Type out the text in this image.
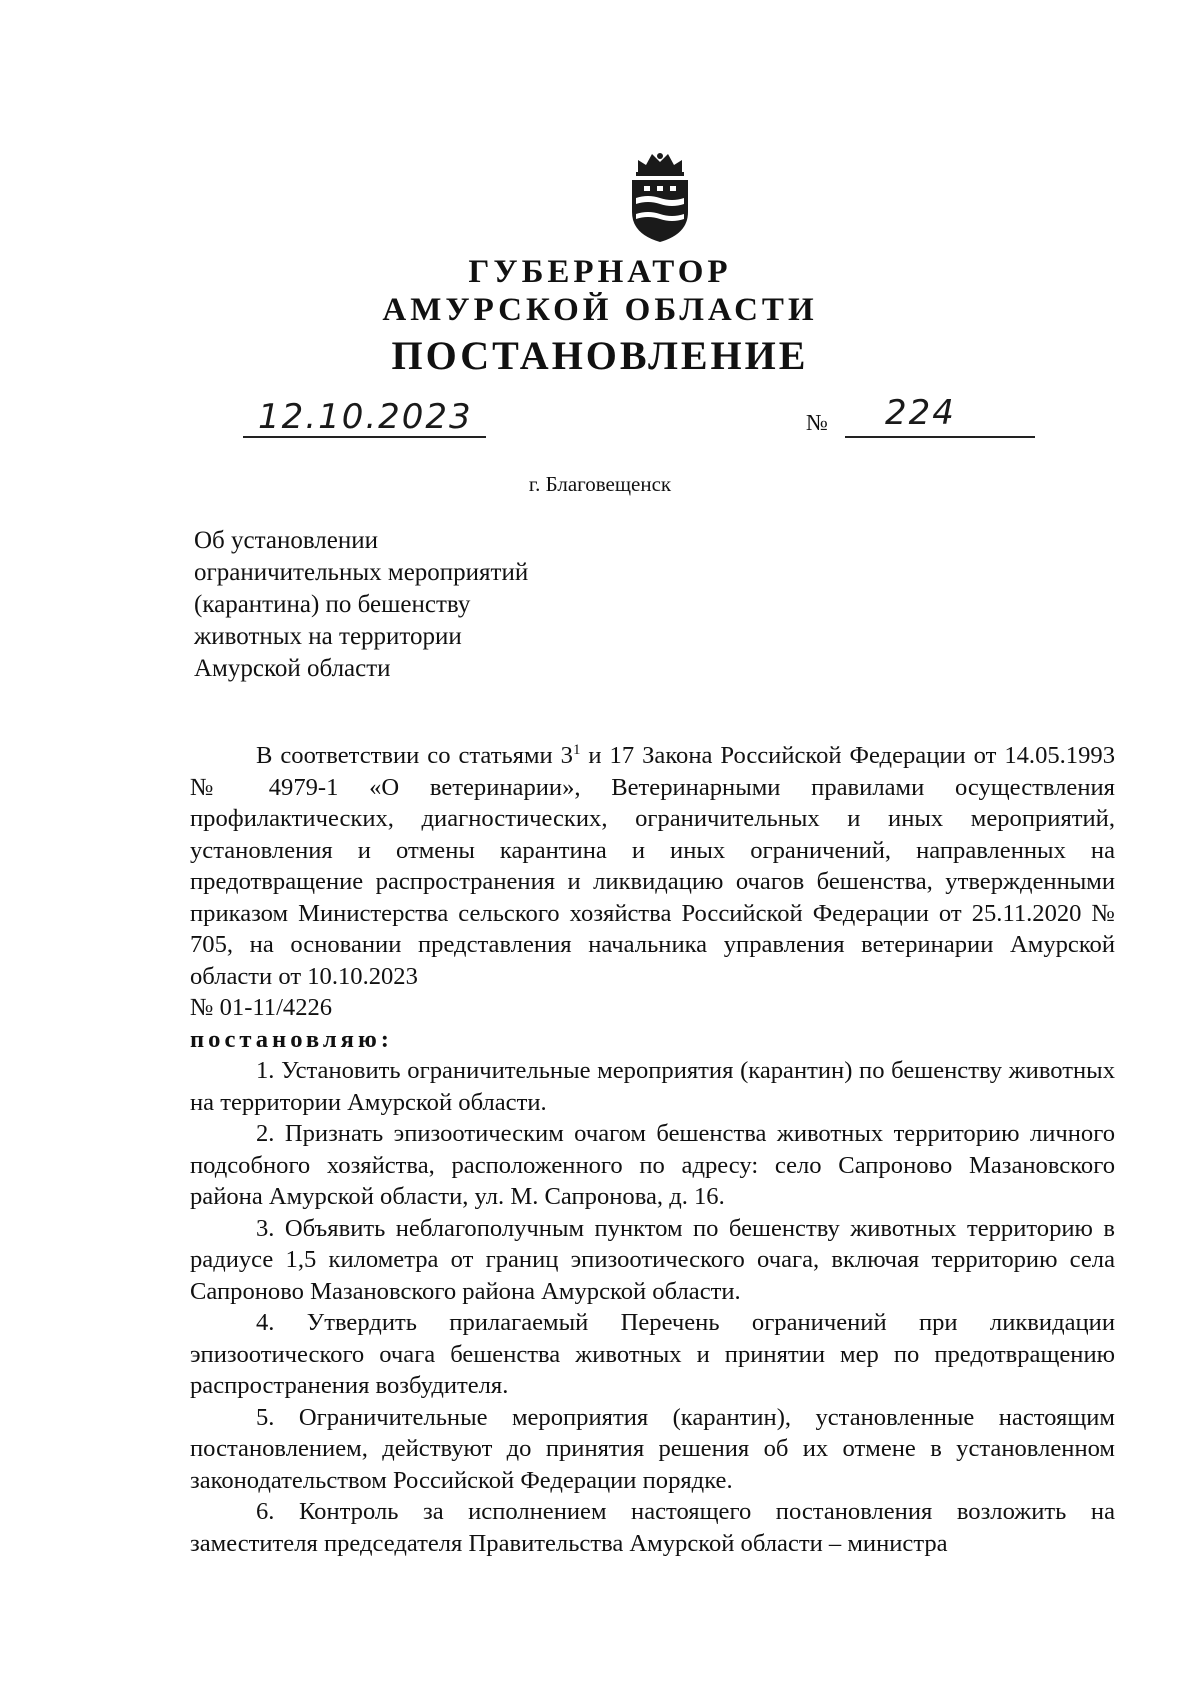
ГУБЕРНАТОР
АМУРСКОЙ ОБЛАСТИ
ПОСТАНОВЛЕНИЕ
12.10.2023	№ 224
г. Благовещенск
Об установлении
ограничительных мероприятий
(карантина) по бешенству
животных на территории
Амурской области

В соответствии со статьями $3^1$ и 17 Закона Российской Федерации от 14.05.1993 № 4979-1 «О ветеринарии», Ветеринарными правилами осуществления профилактических, диагностических, ограничительных и иных мероприятий, установления и отмены карантина и иных ограничений, направленных на предотвращение распространения и ликвидацию очагов бешенства, утвержденными приказом Министерства сельского хозяйства Российской Федерации от 25.11.2020 № 705, на основании представления начальника управления ветеринарии Амурской области от 10.10.2023

№ 01-11/4226

постановляю:

1. Установить ограничительные мероприятия (карантин) по бешенству животных на территории Амурской области.

2. Признать эпизоотическим очагом бешенства животных территорию личного подсобного хозяйства, расположенного по адресу: село Сапроново Мазановского района Амурской области, ул. М. Сапронова, д. 16.

3. Объявить неблагополучным пунктом по бешенству животных территорию в радиусе 1,5 километра от границ эпизоотического очага, включая территорию села Сапроново Мазановского района Амурской области.

4. Утвердить прилагаемый Перечень ограничений при ликвидации эпизоотического очага бешенства животных и принятии мер по предотвращению распространения возбудителя.

5. Ограничительные мероприятия (карантин), установленные настоящим постановлением, действуют до принятия решения об их отмене в установленном законодательством Российской Федерации порядке.

6. Контроль за исполнением настоящего постановления возложить на заместителя председателя Правительства Амурской области – министра
